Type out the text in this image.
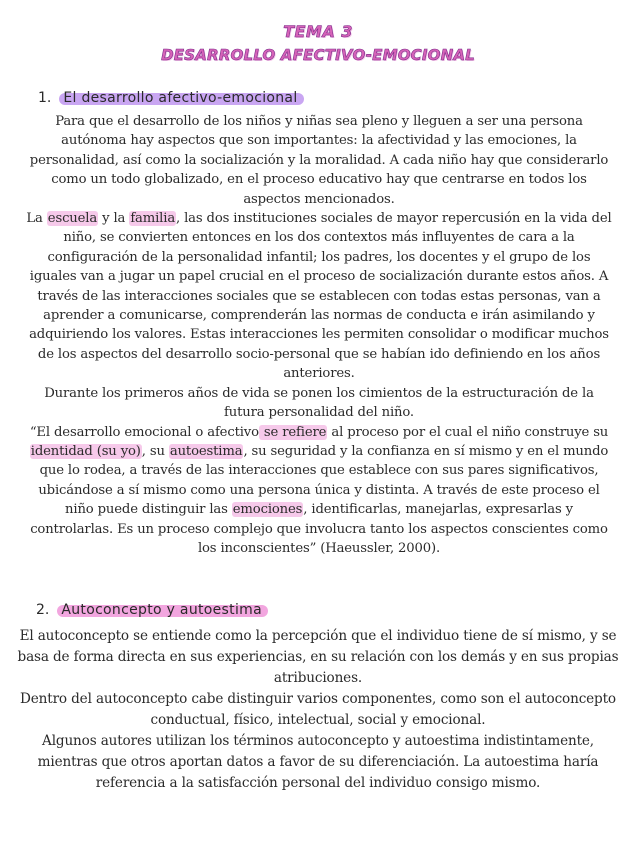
TEMA 3
DESARROLLO AFECTIVO-EMOCIONAL
1. El desarrollo afectivo-emocional
Para que el desarrollo de los niños y niñas sea pleno y lleguen a ser una persona autónoma hay aspectos que son importantes: la afectividad y las emociones, la personalidad, así como la socialización y la moralidad. A cada niño hay que considerarlo como un todo globalizado, en el proceso educativo hay que centrarse en todos los aspectos mencionados.
La escuela y la familia, las dos instituciones sociales de mayor repercusión en la vida del niño, se convierten entonces en los dos contextos más influyentes de cara a la configuración de la personalidad infantil; los padres, los docentes y el grupo de los iguales van a jugar un papel crucial en el proceso de socialización durante estos años. A través de las interacciones sociales que se establecen con todas estas personas, van a aprender a comunicarse, comprenderán las normas de conducta e irán asimilando y adquiriendo los valores. Estas interacciones les permiten consolidar o modificar muchos de los aspectos del desarrollo socio-personal que se habían ido definiendo en los años anteriores.
Durante los primeros años de vida se ponen los cimientos de la estructuración de la futura personalidad del niño.
“El desarrollo emocional o afectivo se refiere al proceso por el cual el niño construye su identidad (su yo), su autoestima, su seguridad y la confianza en sí mismo y en el mundo que lo rodea, a través de las interacciones que establece con sus pares significativos, ubicándose a sí mismo como una persona única y distinta. A través de este proceso el niño puede distinguir las emociones, identificarlas, manejarlas, expresarlas y controlarlas. Es un proceso complejo que involucra tanto los aspectos conscientes como los inconscientes” (Haeussler, 2000).
2. Autoconcepto y autoestima
El autoconcepto se entiende como la percepción que el individuo tiene de sí mismo, y se basa de forma directa en sus experiencias, en su relación con los demás y en sus propias atribuciones.
Dentro del autoconcepto cabe distinguir varios componentes, como son el autoconcepto conductual, físico, intelectual, social y emocional.
Algunos autores utilizan los términos autoconcepto y autoestima indistintamente, mientras que otros aportan datos a favor de su diferenciación. La autoestima haría referencia a la satisfacción personal del individuo consigo mismo.
